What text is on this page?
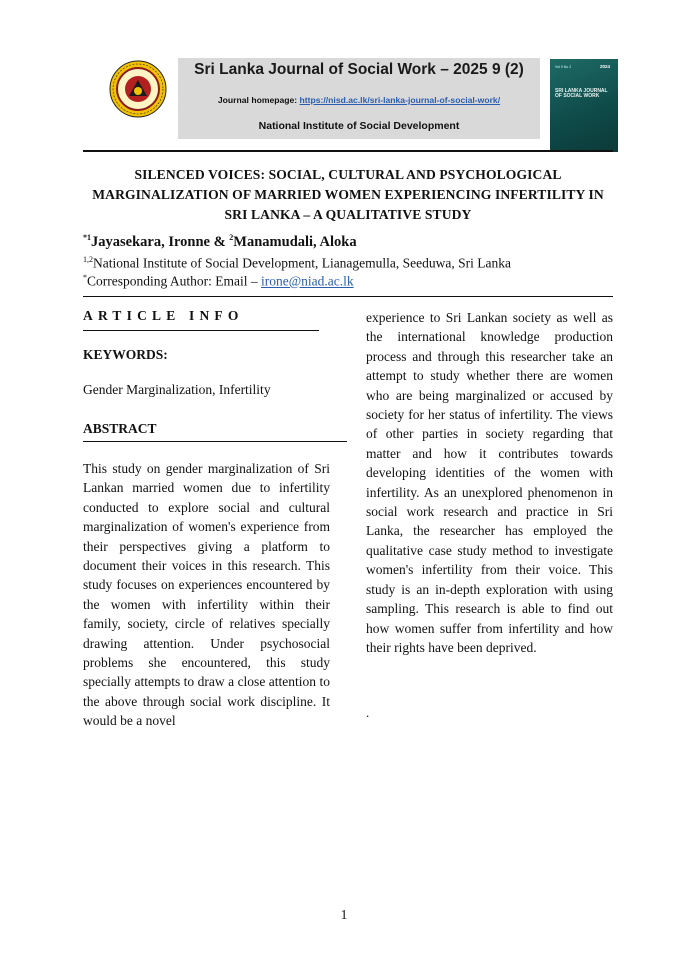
Sri Lanka Journal of Social Work – 2025 9 (2)
Journal homepage: https://nisd.ac.lk/sri-lanka-journal-of-social-work/
National Institute of Social Development
Vol 9 No 2	2024
SRI LANKA JOURNAL OF SOCIAL WORK
SILENCED VOICES: SOCIAL, CULTURAL AND PSYCHOLOGICAL MARGINALIZATION OF MARRIED WOMEN EXPERIENCING INFERTILITY IN SRI LANKA – A QUALITATIVE STUDY
$^{*1}$Jayasekara, Ironne & $^2$Manamudali, Aloka
$^{1,2}$National Institute of Social Development, Lianagemulla, Seeduwa, Sri Lanka
*Corresponding Author: Email – irone@niad.ac.lk
ARTICLE INFO
KEYWORDS:
Gender Marginalization, Infertility
ABSTRACT
This study on gender marginalization of Sri Lankan married women due to infertility conducted to explore social and cultural marginalization of women's experience from their perspectives giving a platform to document their voices in this research. This study focuses on experiences encountered by the women with infertility within their family, society, circle of relatives specially drawing attention. Under psychosocial problems she encountered, this study specially attempts to draw a close attention to the above through social work discipline. It would be a novel
experience to Sri Lankan society as well as the international knowledge production process and through this researcher take an attempt to study whether there are women who are being marginalized or accused by society for her status of infertility. The views of other parties in society regarding that matter and how it contributes towards developing identities of the women with infertility. As an unexplored phenomenon in social work research and practice in Sri Lanka, the researcher has employed the qualitative case study method to investigate women's infertility from their voice. This study is an in-depth exploration with using sampling. This research is able to find out how women suffer from infertility and how their rights have been deprived.
.
1
